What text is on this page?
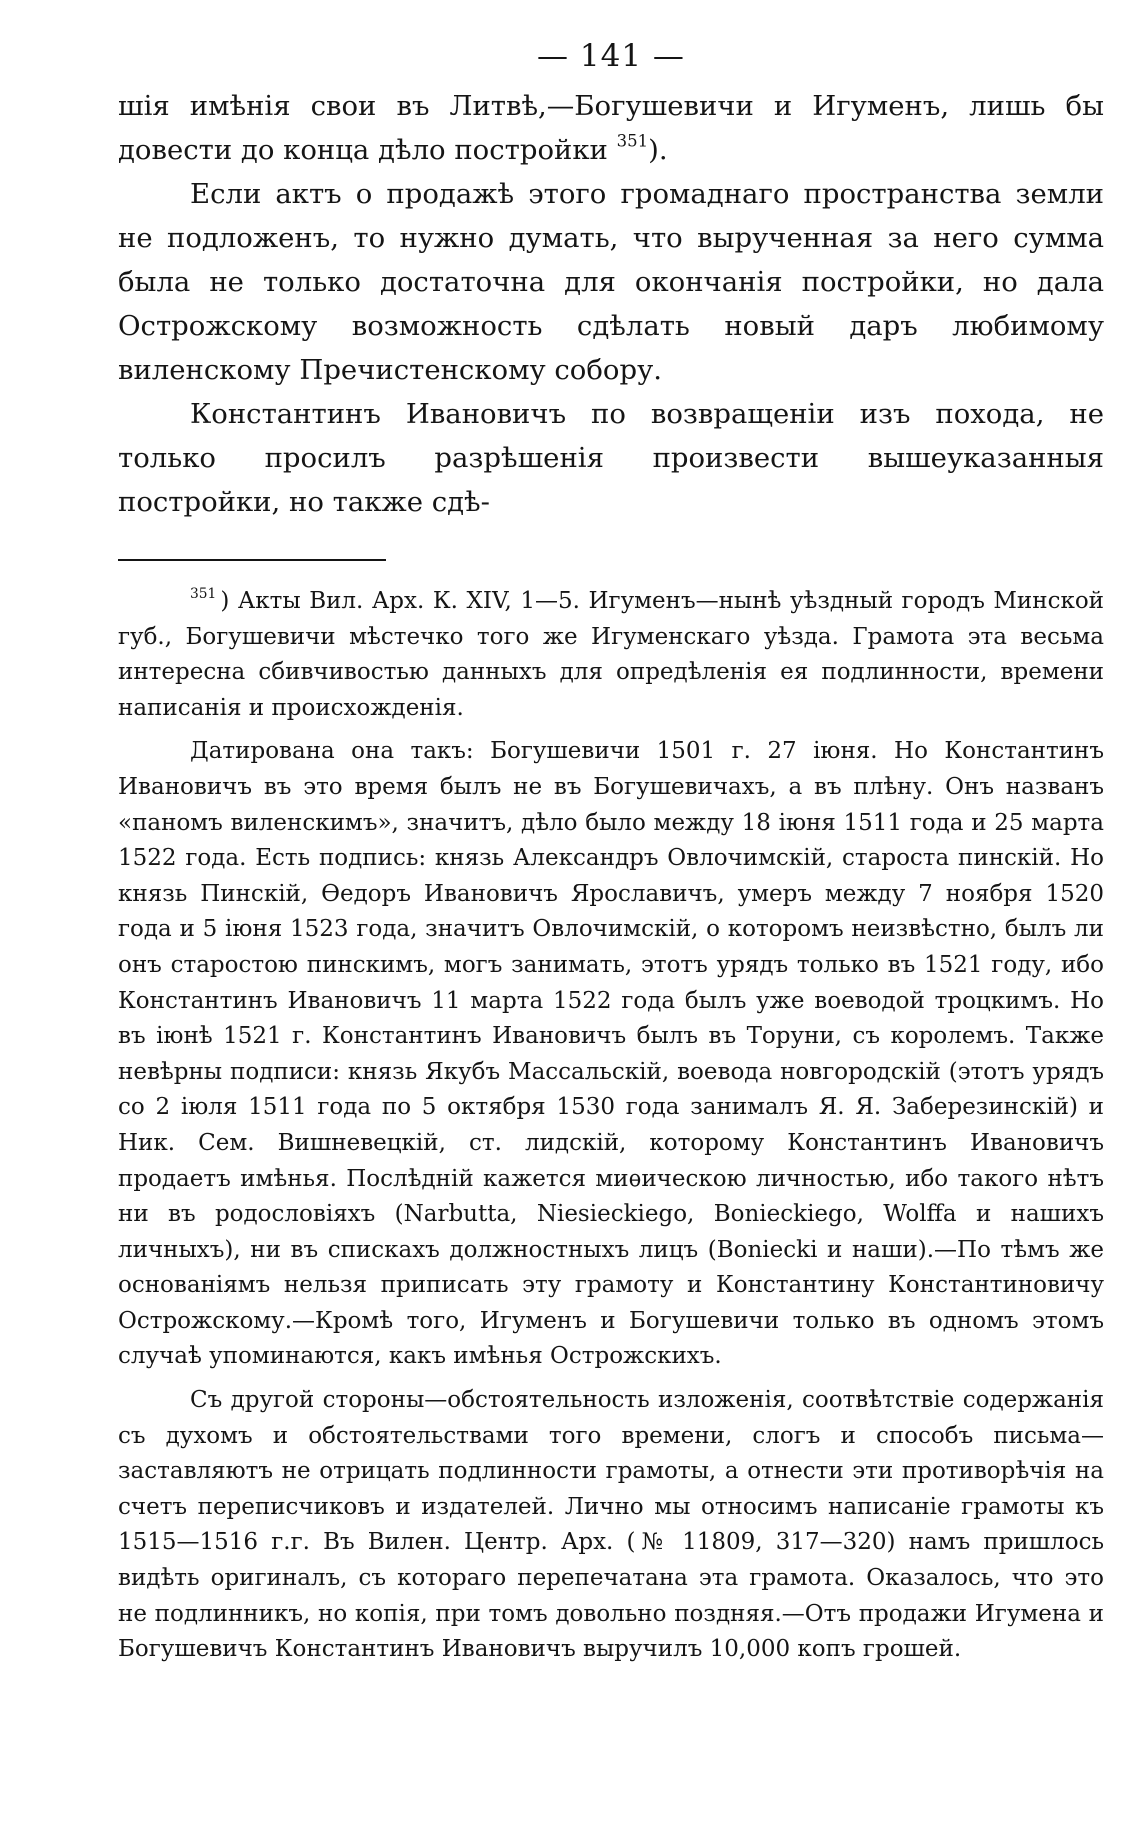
— 141 —

шія имѣнія свои въ Литвѣ,—Богушевичи и Игуменъ, лишь бы довести до конца дѣло постройки $^{351}$).

Если актъ о продажѣ этого громаднаго пространства земли не подложенъ, то нужно думать, что вырученная за него сумма была не только достаточна для окончанія постройки, но дала Острожскому возможность сдѣлать новый даръ любимому виленскому Пречистенскому собору.

Константинъ Ивановичъ по возвращеніи изъ похода, не только просилъ разрѣшенія произвести вышеуказанныя постройки, но также сдѣ-

$^{351}$ ) Акты Вил. Арх. К. XIV, 1—5. Игуменъ—нынѣ уѣздный городъ Минской губ., Богушевичи мѣстечко того же Игуменскаго уѣзда. Грамота эта весьма интересна сбивчивостью данныхъ для опредѣленія ея подлинности, времени написанія и происхожденія.

Датирована она такъ: Богушевичи 1501 г. 27 іюня. Но Константинъ Ивановичъ въ это время былъ не въ Богушевичахъ, а въ плѣну. Онъ названъ «паномъ виленскимъ», значитъ, дѣло было между 18 іюня 1511 года и 25 марта 1522 года. Есть подпись: князь Александръ Овлочимскій, староста пинскій. Но князь Пинскій, Ѳедоръ Ивановичъ Ярославичъ, умеръ между 7 ноября 1520 года и 5 іюня 1523 года, значитъ Овлочимскій, о которомъ неизвѣстно, былъ ли онъ старостою пинскимъ, могъ занимать, этотъ урядъ только въ 1521 году, ибо Константинъ Ивановичъ 11 марта 1522 года былъ уже воеводой троцкимъ. Но въ іюнѣ 1521 г. Константинъ Ивановичъ былъ въ Торуни, съ королемъ. Также невѣрны подписи: князь Якубъ Массальскій, воевода новгородскій (этотъ урядъ со 2 іюля 1511 года по 5 октября 1530 года занималъ Я. Я. Заберезинскій) и Ник. Сем. Вишневецкій, ст. лидскій, которому Константинъ Ивановичъ продаетъ имѣнья. Послѣдній кажется миѳическою личностью, ибо такого нѣтъ ни въ родословіяхъ (Narbutta, Niesieckiego, Bonieckiego, Wolffa и нашихъ личныхъ), ни въ спискахъ должностныхъ лицъ (Boniecki и наши).—По тѣмъ же основаніямъ нельзя приписать эту грамоту и Константину Константиновичу Острожскому.—Кромѣ того, Игуменъ и Богушевичи только въ одномъ этомъ случаѣ упоминаются, какъ имѣнья Острожскихъ.

Съ другой стороны—обстоятельность изложенія, соотвѣтствіе содержанія съ духомъ и обстоятельствами того времени, слогъ и способъ письма—заставляютъ не отрицать подлинности грамоты, а отнести эти противорѣчія на счетъ переписчиковъ и издателей. Лично мы относимъ написаніе грамоты къ 1515—1516 г.г. Въ Вилен. Центр. Арх. (№ 11809, 317—320) намъ пришлось видѣть оригиналъ, съ котораго перепечатана эта грамота. Оказалось, что это не подлинникъ, но копія, при томъ довольно поздняя.—Отъ продажи Игумена и Богушевичъ Константинъ Ивановичъ выручилъ 10,000 копъ грошей.
